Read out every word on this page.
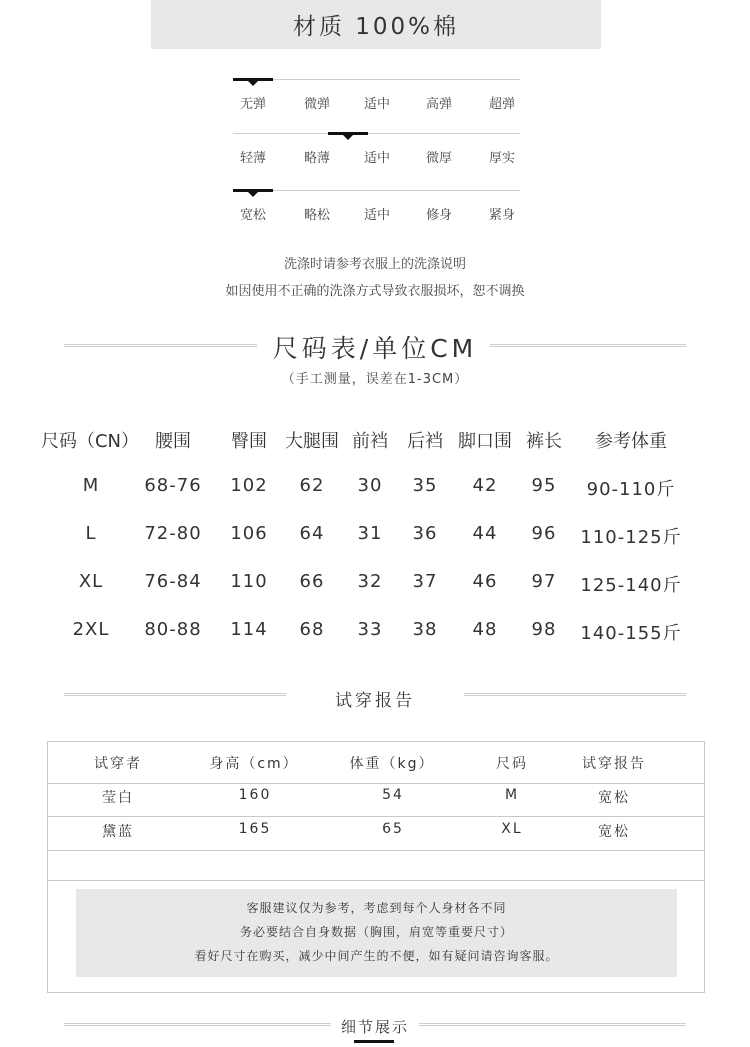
材质 100%棉
无弹	微弹	适中	高弹	超弹
轻薄	略薄	适中	微厚	厚实
宽松	略松	适中	修身	紧身
洗涤时请参考衣服上的洗涤说明
如因使用不正确的洗涤方式导致衣服损坏，恕不调换
尺码表/单位CM
（手工测量，误差在1-3CM）
尺码（CN） 腰围 臀围 大腿围 前裆 后裆 脚口围 裤长 参考体重
M	68-76 102 62 30 35 42 95 90-110斤
L	72-80 106 64 31 36 44 96 110-125斤
XL 76-84 110 66 32 37 46 97 125-140斤
2XL 80-88 114 68 33 38 48 98 140-155斤
试穿报告
试穿者	身高（cm）	体重（kg）	尺码	试穿报告
莹白	160	54	M	宽松
黛蓝	165	65	XL	宽松
客服建议仅为参考，考虑到每个人身材各不同
务必要结合自身数据（胸围，肩宽等重要尺寸）
看好尺寸在购买，减少中间产生的不便，如有疑问请咨询客服。
细节展示
